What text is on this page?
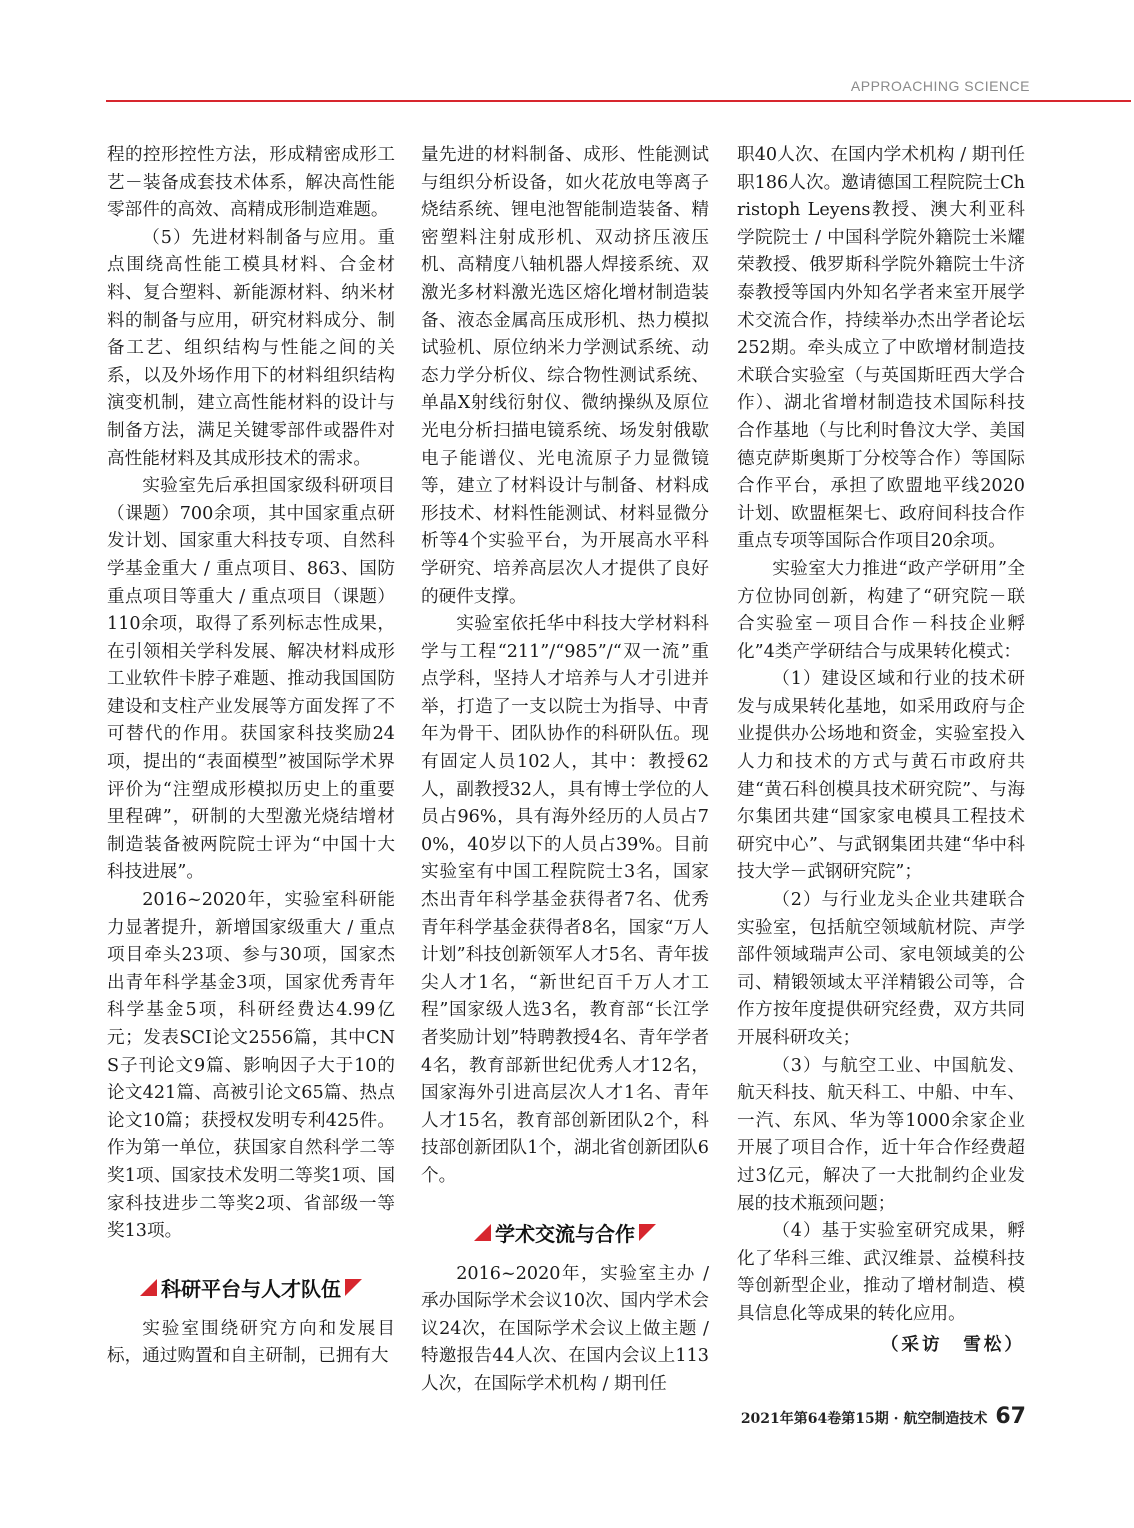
APPROACHING SCIENCE

程的控形控性方法，形成精密成形工艺－装备成套技术体系，解决高性能零部件的高效、高精成形制造难题。

（5）先进材料制备与应用。重点围绕高性能工模具材料、合金材料、复合塑料、新能源材料、纳米材料的制备与应用，研究材料成分、制备工艺、组织结构与性能之间的关系，以及外场作用下的材料组织结构演变机制，建立高性能材料的设计与制备方法，满足关键零部件或器件对高性能材料及其成形技术的需求。

实验室先后承担国家级科研项目（课题）700余项，其中国家重点研发计划、国家重大科技专项、自然科学基金重大 / 重点项目、863、国防重点项目等重大 / 重点项目（课题）110余项，取得了系列标志性成果，在引领相关学科发展、解决材料成形工业软件卡脖子难题、推动我国国防建设和支柱产业发展等方面发挥了不可替代的作用。获国家科技奖励24项，提出的“表面模型”被国际学术界评价为“注塑成形模拟历史上的重要里程碑”，研制的大型激光烧结增材制造装备被两院院士评为“中国十大科技进展”。

2016~2020年，实验室科研能力显著提升，新增国家级重大 / 重点项目牵头23项、参与30项，国家杰出青年科学基金3项，国家优秀青年科学基金5项，科研经费达4.99亿元；发表SCI论文2556篇，其中CNS子刊论文9篇、影响因子大于10的论文421篇、高被引论文65篇、热点论文10篇；获授权发明专利425件。作为第一单位，获国家自然科学二等奖1项、国家技术发明二等奖1项、国家科技进步二等奖2项、省部级一等奖13项。

科研平台与人才队伍

实验室围绕研究方向和发展目标，通过购置和自主研制，已拥有大

量先进的材料制备、成形、性能测试与组织分析设备，如火花放电等离子烧结系统、锂电池智能制造装备、精密塑料注射成形机、双动挤压液压机、高精度八轴机器人焊接系统、双激光多材料激光选区熔化增材制造装备、液态金属高压成形机、热力模拟试验机、原位纳米力学测试系统、动态力学分析仪、综合物性测试系统、单晶X射线衍射仪、微纳操纵及原位光电分析扫描电镜系统、场发射俄歇电子能谱仪、光电流原子力显微镜等，建立了材料设计与制备、材料成形技术、材料性能测试、材料显微分析等4个实验平台，为开展高水平科学研究、培养高层次人才提供了良好的硬件支撑。

实验室依托华中科技大学材料科学与工程“211”/“985”/“双一流”重点学科，坚持人才培养与人才引进并举，打造了一支以院士为指导、中青年为骨干、团队协作的科研队伍。现有固定人员102人，其中：教授62人，副教授32人，具有博士学位的人员占96%，具有海外经历的人员占70%，40岁以下的人员占39%。目前实验室有中国工程院院士3名，国家杰出青年科学基金获得者7名、优秀青年科学基金获得者8名，国家“万人计划”科技创新领军人才5名、青年拔尖人才1名，“新世纪百千万人才工程”国家级人选3名，教育部“长江学者奖励计划”特聘教授4名、青年学者4名，教育部新世纪优秀人才12名，国家海外引进高层次人才1名、青年人才15名，教育部创新团队2个，科技部创新团队1个，湖北省创新团队6个。

学术交流与合作

2016~2020年，实验室主办 / 承办国际学术会议10次、国内学术会议24次，在国际学术会议上做主题 / 特邀报告44人次、在国内会议上113人次，在国际学术机构 / 期刊任

职40人次、在国内学术机构 / 期刊任职186人次。邀请德国工程院院士Christoph Leyens教授、澳大利亚科学院院士 / 中国科学院外籍院士米耀荣教授、俄罗斯科学院外籍院士牛济泰教授等国内外知名学者来室开展学术交流合作，持续举办杰出学者论坛252期。牵头成立了中欧增材制造技术联合实验室（与英国斯旺西大学合作）、湖北省增材制造技术国际科技合作基地（与比利时鲁汶大学、美国德克萨斯奥斯丁分校等合作）等国际合作平台，承担了欧盟地平线2020计划、欧盟框架七、政府间科技合作重点专项等国际合作项目20余项。

实验室大力推进“政产学研用”全方位协同创新，构建了“研究院－联合实验室－项目合作－科技企业孵化”4类产学研结合与成果转化模式：

（1）建设区域和行业的技术研发与成果转化基地，如采用政府与企业提供办公场地和资金，实验室投入人力和技术的方式与黄石市政府共建“黄石科创模具技术研究院”、与海尔集团共建“国家家电模具工程技术研究中心”、与武钢集团共建“华中科技大学－武钢研究院”；

（2）与行业龙头企业共建联合实验室，包括航空领域航材院、声学部件领域瑞声公司、家电领域美的公司、精锻领域太平洋精锻公司等，合作方按年度提供研究经费，双方共同开展科研攻关；

（3）与航空工业、中国航发、航天科技、航天科工、中船、中车、一汽、东风、华为等1000余家企业开展了项目合作，近十年合作经费超过3亿元，解决了一大批制约企业发展的技术瓶颈问题；

（4）基于实验室研究成果，孵化了华科三维、武汉维景、益模科技等创新型企业，推动了增材制造、模具信息化等成果的转化应用。

（采访　雪松）

2021年第64卷第15期 · 航空制造技术 67
